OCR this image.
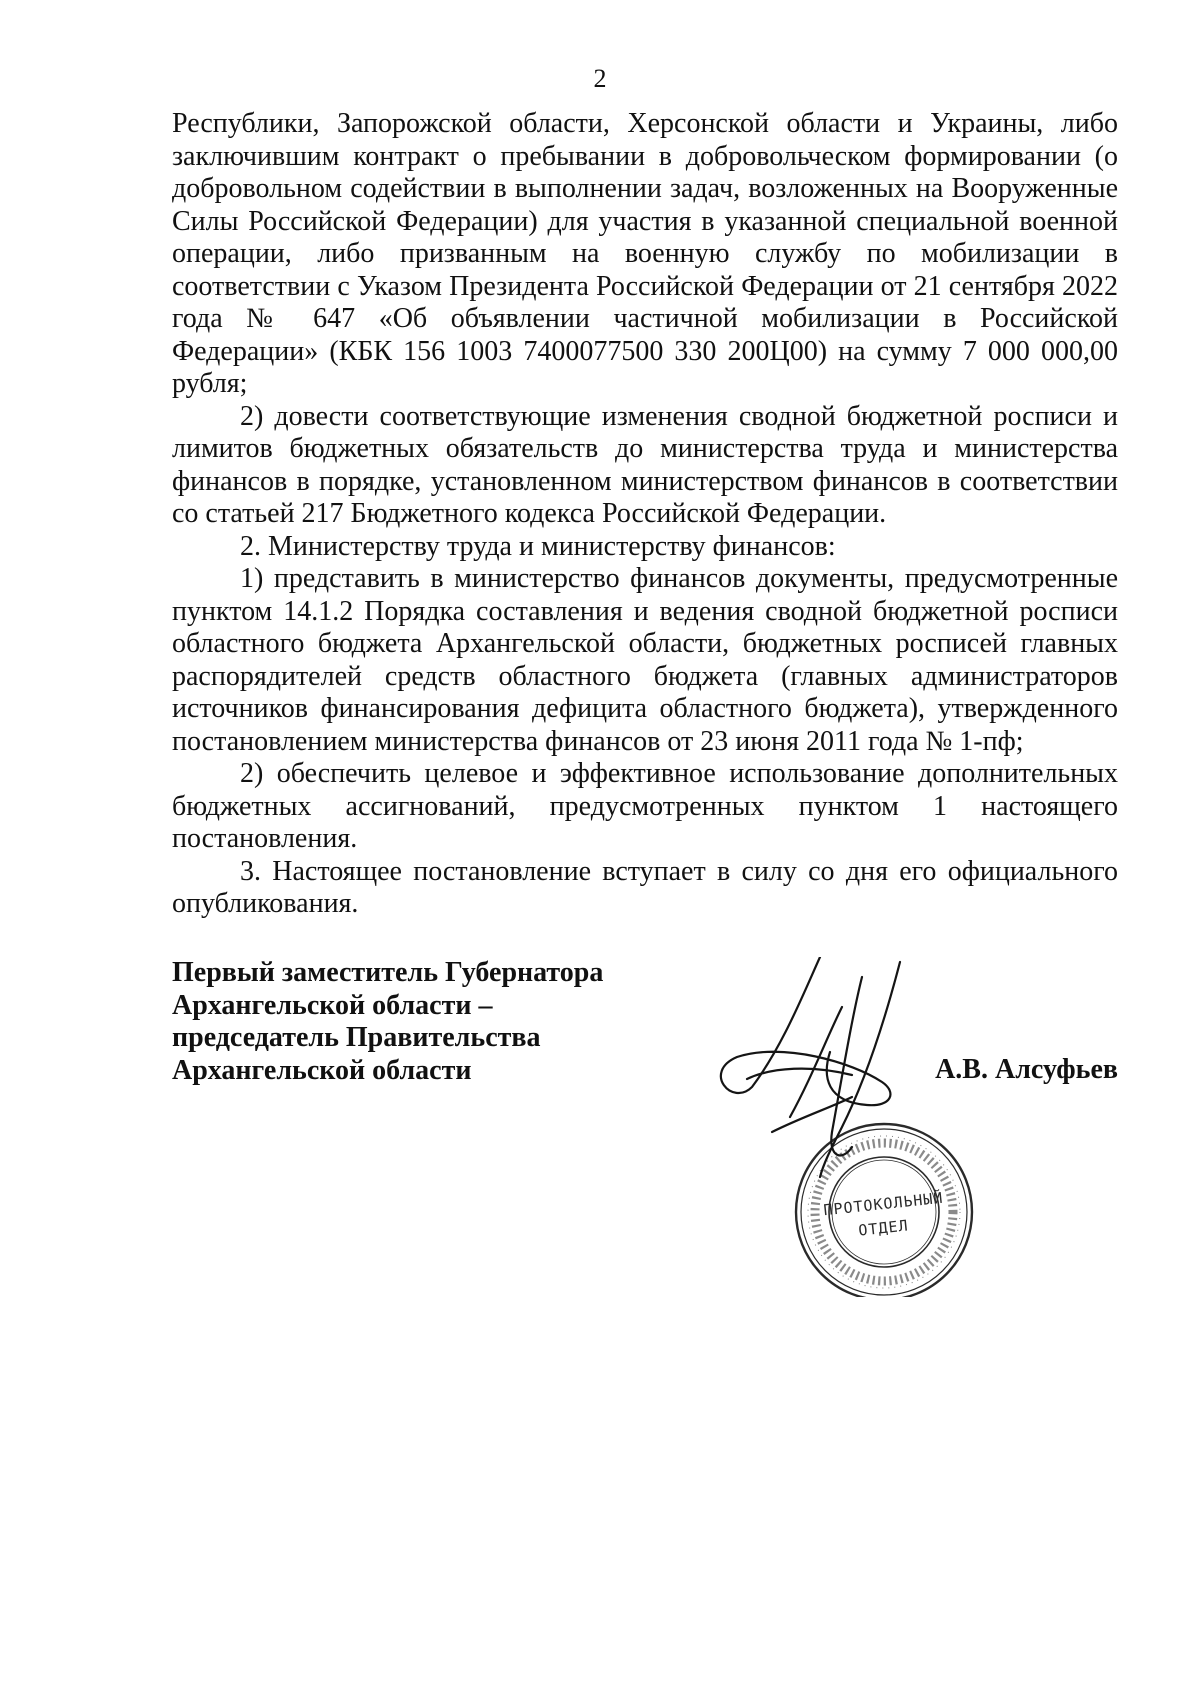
2

Республики, Запорожской области, Херсонской области и Украины, либо заключившим контракт о пребывании в добровольческом формировании (о добровольном содействии в выполнении задач, возложенных на Вооруженные Силы Российской Федерации) для участия в указанной специальной военной операции, либо призванным на военную службу по мобилизации в соответствии с Указом Президента Российской Федерации от 21 сентября 2022 года № 647 «Об объявлении частичной мобилизации в Российской Федерации» (КБК 156 1003 7400077500 330 200Ц00) на сумму 7 000 000,00 рубля;

2) довести соответствующие изменения сводной бюджетной росписи и лимитов бюджетных обязательств до министерства труда и министерства финансов в порядке, установленном министерством финансов в соответствии со статьей 217 Бюджетного кодекса Российской Федерации.

2. Министерству труда и министерству финансов:

1) представить в министерство финансов документы, предусмотренные пунктом 14.1.2 Порядка составления и ведения сводной бюджетной росписи областного бюджета Архангельской области, бюджетных росписей главных распорядителей средств областного бюджета (главных администраторов источников финансирования дефицита областного бюджета), утвержденного постановлением министерства финансов от 23 июня 2011 года № 1-пф;

2) обеспечить целевое и эффективное использование дополнительных бюджетных ассигнований, предусмотренных пунктом 1 настоящего постановления.

3. Настоящее постановление вступает в силу со дня его официального опубликования.

Первый заместитель Губернатора
Архангельской области –
председатель Правительства
Архангельской области
ПРОТОКОЛЬНЫЙ
ОТДЕЛ
А.В. Алсуфьев
